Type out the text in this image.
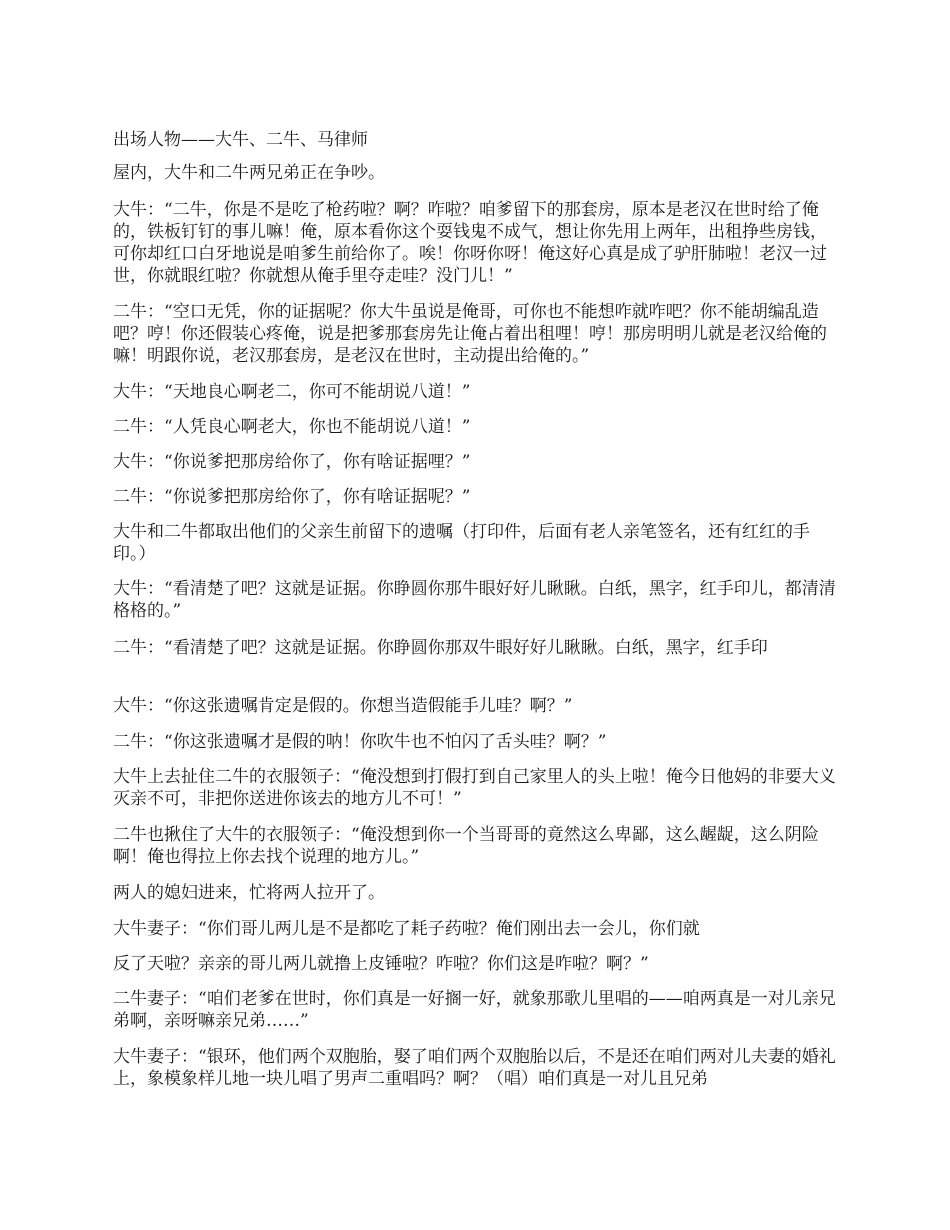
出场人物——大牛、二牛、马律师

屋内，大牛和二牛两兄弟正在争吵。

大牛：“二牛，你是不是吃了枪药啦？啊？咋啦？咱爹留下的那套房，原本是老汉在世时给了俺的，铁板钉钉的事儿嘛！俺，原本看你这个耍钱鬼不成气，想让你先用上两年，出租挣些房钱，可你却红口白牙地说是咱爹生前给你了。唉！你呀你呀！俺这好心真是成了驴肝肺啦！老汉一过世，你就眼红啦？你就想从俺手里夺走哇？没门儿！”

二牛：“空口无凭，你的证据呢？你大牛虽说是俺哥，可你也不能想咋就咋吧？你不能胡编乱造吧？哼！你还假装心疼俺，说是把爹那套房先让俺占着出租哩！哼！那房明明儿就是老汉给俺的嘛！明跟你说，老汉那套房，是老汉在世时，主动提出给俺的。”

大牛：“天地良心啊老二，你可不能胡说八道！”

二牛：“人凭良心啊老大，你也不能胡说八道！”

大牛：“你说爹把那房给你了，你有啥证据哩？”

二牛：“你说爹把那房给你了，你有啥证据呢？”

大牛和二牛都取出他们的父亲生前留下的遗嘱（打印件，后面有老人亲笔签名，还有红红的手印。）

大牛：“看清楚了吧？这就是证据。你睁圆你那牛眼好好儿瞅瞅。白纸，黑字，红手印儿，都清清格格的。”

二牛：“看清楚了吧？这就是证据。你睁圆你那双牛眼好好儿瞅瞅。白纸，黑字，红手印

大牛：“你这张遗嘱肯定是假的。你想当造假能手儿哇？啊？”

二牛：“你这张遗嘱才是假的呐！你吹牛也不怕闪了舌头哇？啊？”

大牛上去扯住二牛的衣服领子：“俺没想到打假打到自己家里人的头上啦！俺今日他妈的非要大义灭亲不可，非把你送进你该去的地方儿不可！”

二牛也揪住了大牛的衣服领子：“俺没想到你一个当哥哥的竟然这么卑鄙，这么龌龊，这么阴险啊！俺也得拉上你去找个说理的地方儿。”

两人的媳妇进来，忙将两人拉开了。

大牛妻子：“你们哥儿两儿是不是都吃了耗子药啦？俺们刚出去一会儿，你们就

反了天啦？亲亲的哥儿两儿就撸上皮锤啦？咋啦？你们这是咋啦？啊？”

二牛妻子：“咱们老爹在世时，你们真是一好搁一好，就象那歌儿里唱的——咱两真是一对儿亲兄弟啊，亲呀嘛亲兄弟……”

大牛妻子：“银环，他们两个双胞胎，娶了咱们两个双胞胎以后，不是还在咱们两对儿夫妻的婚礼上，象模象样儿地一块儿唱了男声二重唱吗？啊？（唱）咱们真是一对儿且兄弟
